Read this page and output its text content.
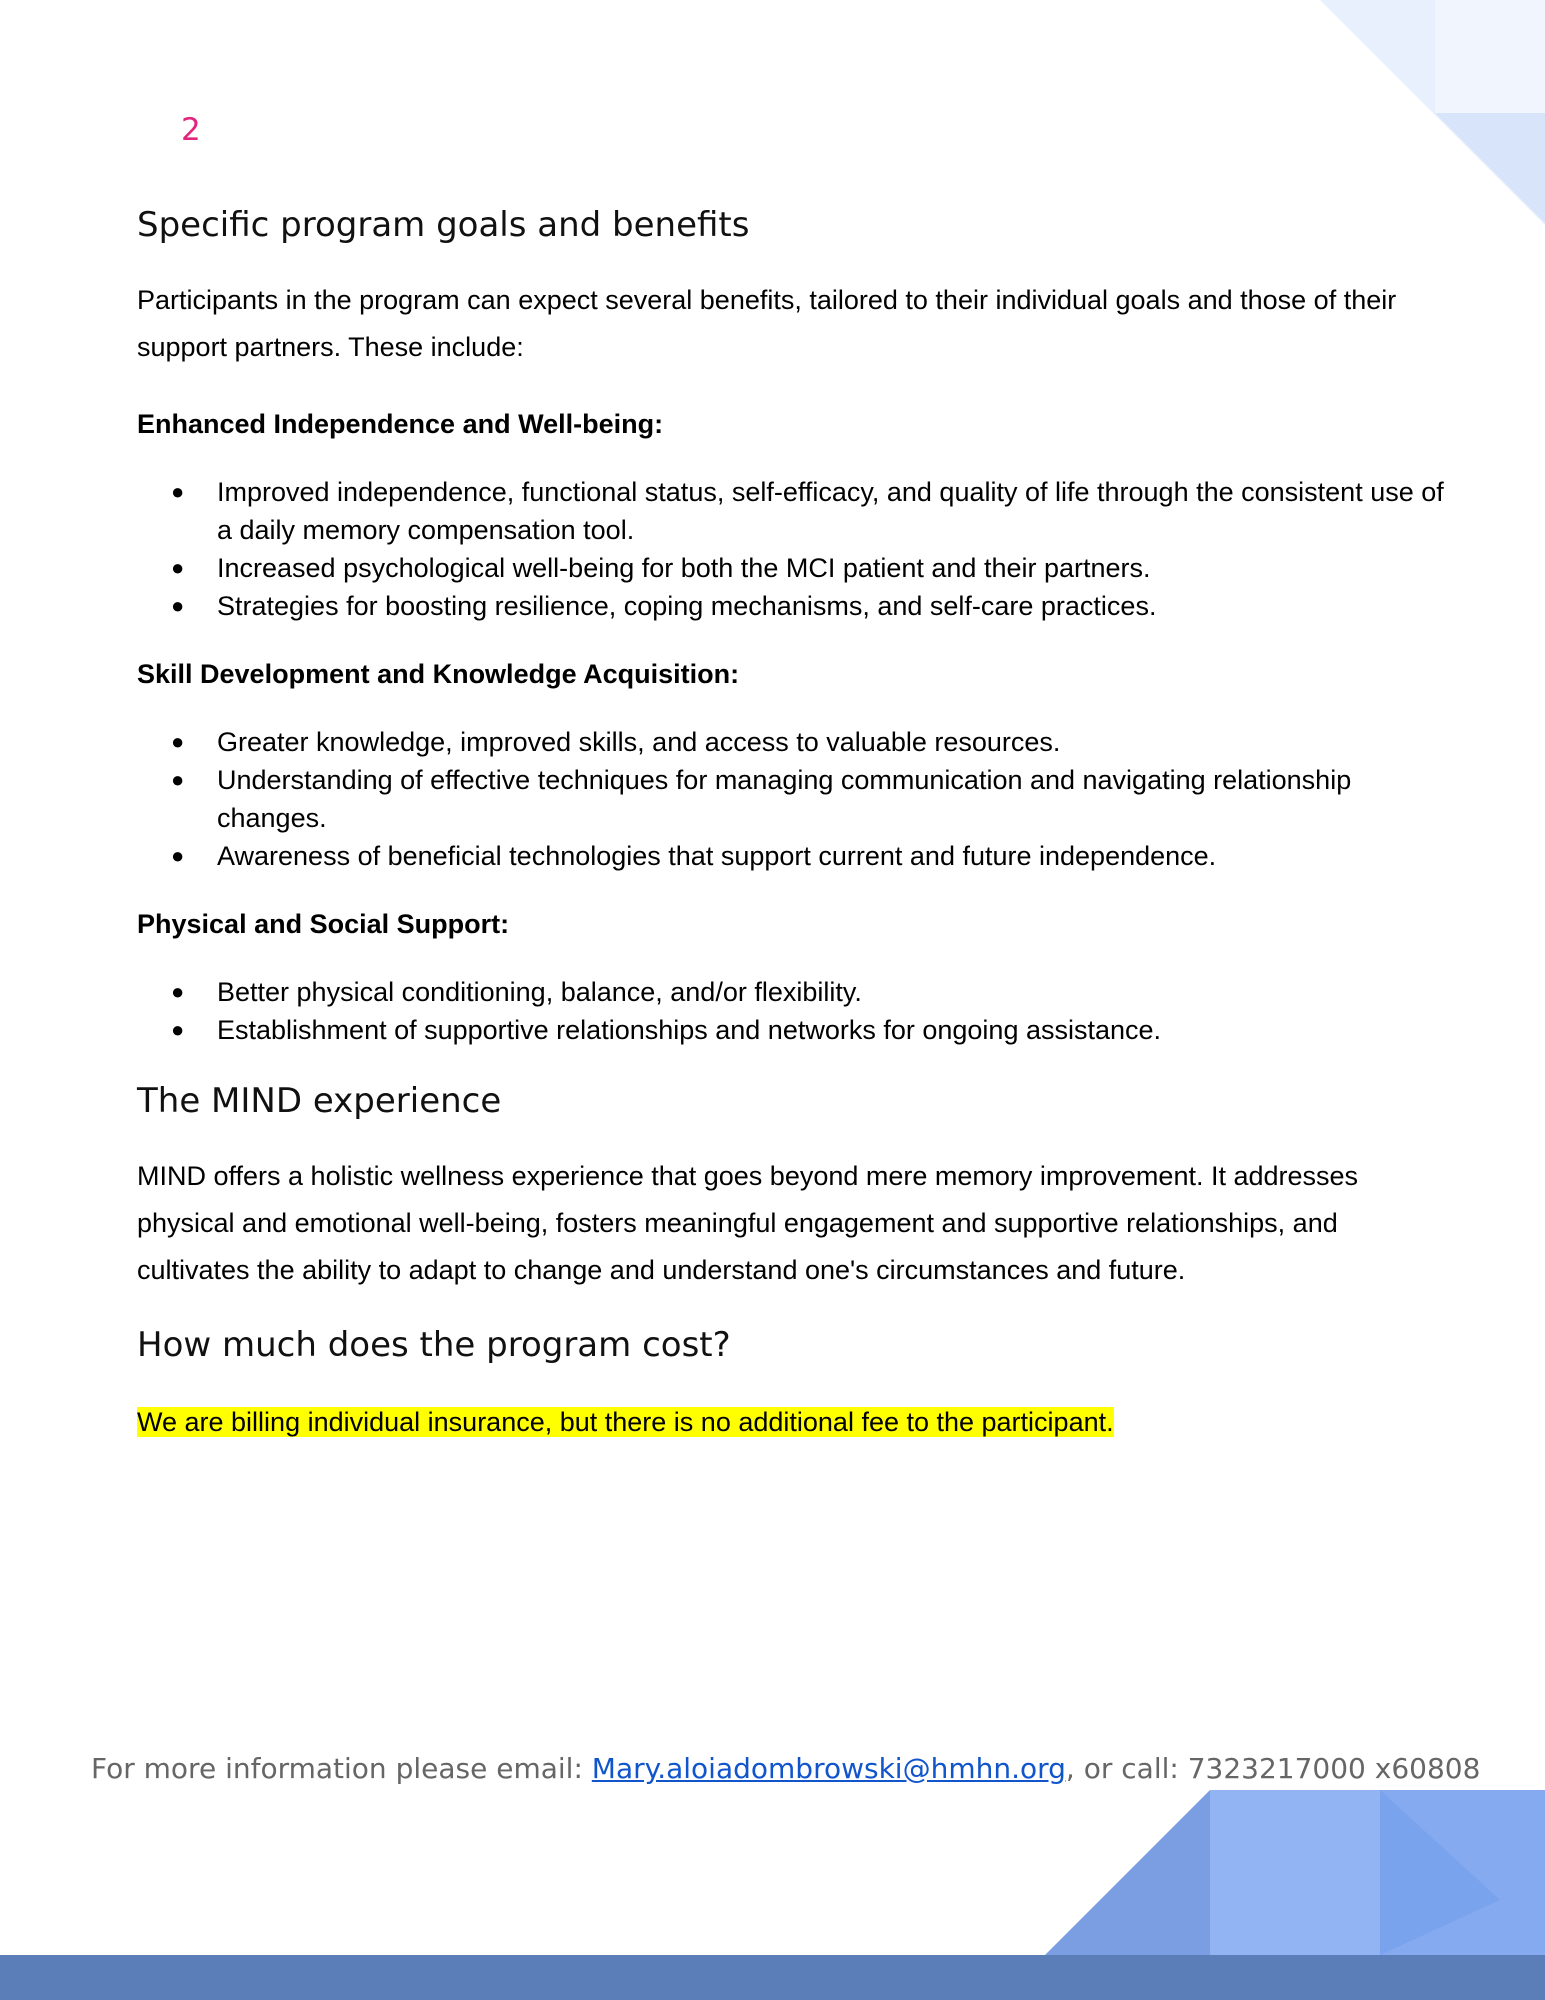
2
Specific program goals and benefits

Participants in the program can expect several benefits, tailored to their individual goals and those of their support partners. These include:

Enhanced Independence and Well-being:
● Improved independence, functional status, self-efficacy, and quality of life through the consistent use of a daily memory compensation tool.
● Increased psychological well-being for both the MCI patient and their partners.
● Strategies for boosting resilience, coping mechanisms, and self-care practices.
Skill Development and Knowledge Acquisition:
● Greater knowledge, improved skills, and access to valuable resources.
● Understanding of effective techniques for managing communication and navigating relationship changes.
● Awareness of beneficial technologies that support current and future independence.
Physical and Social Support:
● Better physical conditioning, balance, and/or flexibility.
● Establishment of supportive relationships and networks for ongoing assistance.
The MIND experience

MIND offers a holistic wellness experience that goes beyond mere memory improvement. It addresses physical and emotional well-being, fosters meaningful engagement and supportive relationships, and cultivates the ability to adapt to change and understand one's circumstances and future.

How much does the program cost?

We are billing individual insurance, but there is no additional fee to the participant.

For more information please email: Mary.aloiadombrowski@hmhn.org, or call: 7323217000 x60808
